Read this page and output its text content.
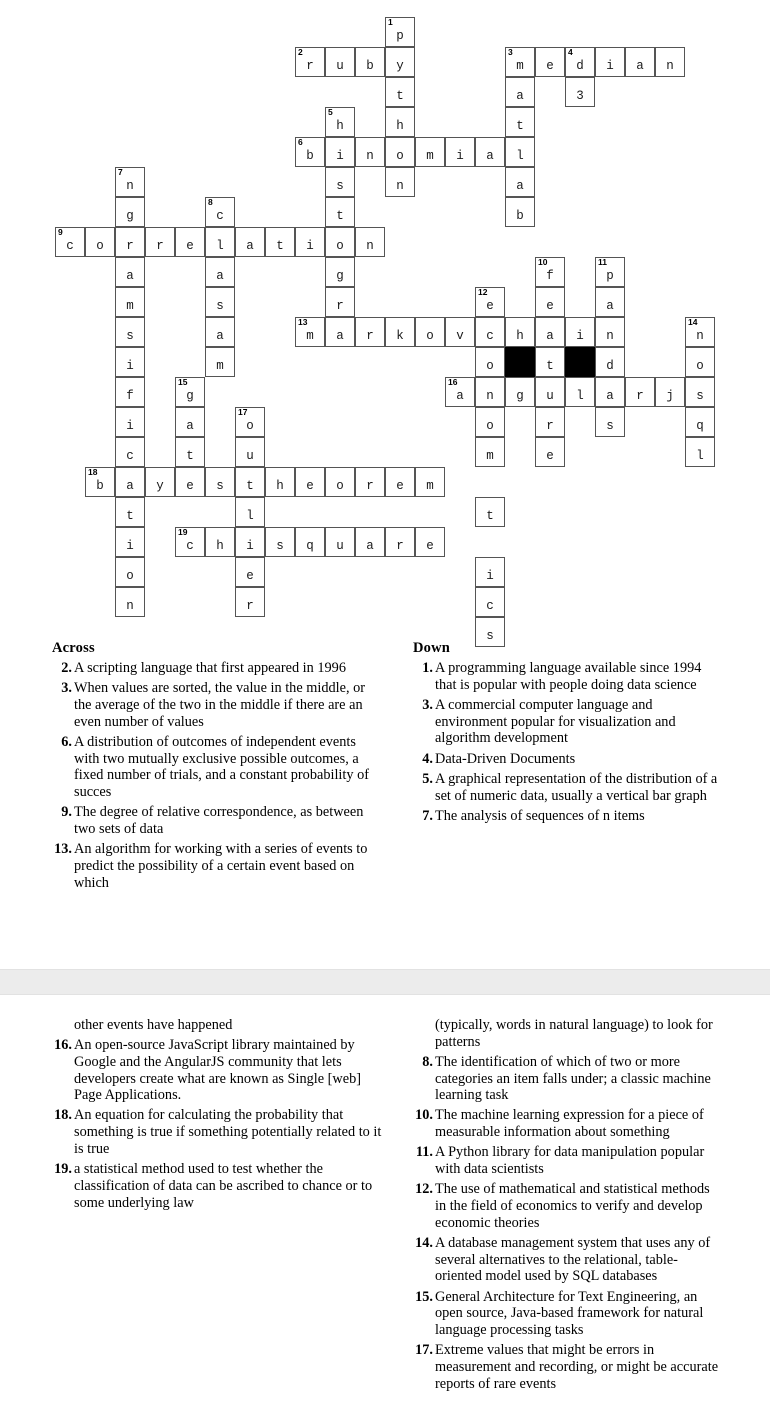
1
p
2
r	u	b	y
3
m	e
4
d	i	a	n
t	a	3
5
h	h	t
6
b	i	n	o	m	i	a	l
7
n	s	n	a
g
8
c	t	b
9
c	o	r	r	e	l	a	t	i	o	n
a	a	g
10
f
11
p
m	s	r
12
e	e	a
s	a
13
m	a	r	k	o	v	c	h	a	i	n
14
n
i	m	o	t	d	o
f
15
g
16
a	n	g	u	l	a	r	j	s
i	a
17
o	o	r	s	q
c	t	u	m	e	l
18
b	a	y	e	s	t	h	e	o	r	e	m
t	l	t
i
19
c	h	i	s	q	u	a	r	e
o	e	i
n	r	c
s
Across
2. A scripting language that first appeared in 1996
3. When values are sorted, the value in the middle, or the average of the two in the middle if there are an even number of values
6. A distribution of outcomes of independent events with two mutually exclusive possible outcomes, a fixed number of trials, and a constant probability of succes
9. The degree of relative correspondence, as between two sets of data
13. An algorithm for working with a series of events to predict the possibility of a certain event based on which
Down
1. A programming language available since 1994 that is popular with people doing data science
3. A commercial computer language and environment popular for visualization and algorithm development
4. Data-Driven Documents
5. A graphical representation of the distribution of a set of numeric data, usually a vertical bar graph
7. The analysis of sequences of n items
other events have happened
16. An open-source JavaScript library maintained by Google and the AngularJS community that lets developers create what are known as Single [web] Page Applications.
18. An equation for calculating the probability that something is true if something potentially related to it is true
19. a statistical method used to test whether the classification of data can be ascribed to chance or to some underlying law
(typically, words in natural language) to look for patterns
8. The identification of which of two or more categories an item falls under; a classic machine learning task
10. The machine learning expression for a piece of measurable information about something
11. A Python library for data manipulation popular with data scientists
12. The use of mathematical and statistical methods in the field of economics to verify and develop economic theories
14. A database management system that uses any of several alternatives to the relational, table-oriented model used by SQL databases
15. General Architecture for Text Engineering, an open source, Java-based framework for natural language processing tasks
17. Extreme values that might be errors in measurement and recording, or might be accurate reports of rare events
